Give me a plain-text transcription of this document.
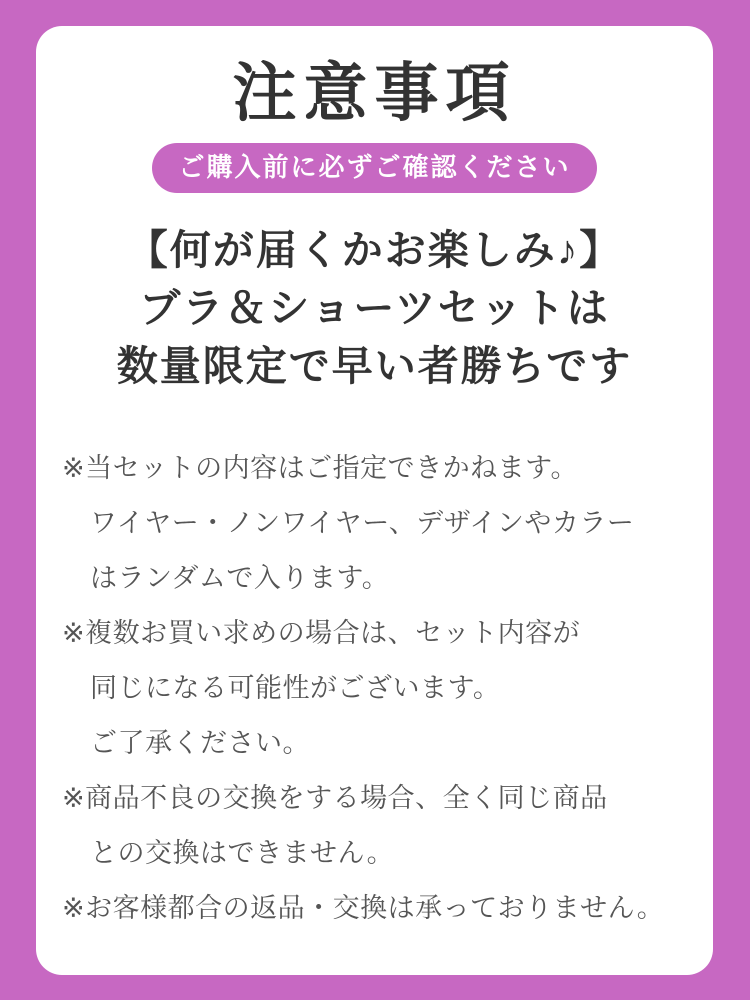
注意事項
ご購入前に必ずご確認ください
【何が届くかお楽しみ♪】
ブラ＆ショーツセットは
数量限定で早い者勝ちです
※当セットの内容はご指定できかねます。
ワイヤー・ノンワイヤー、デザインやカラー
はランダムで入ります。
※複数お買い求めの場合は、セット内容が
同じになる可能性がございます。
ご了承ください。
※商品不良の交換をする場合、全く同じ商品
との交換はできません。
※お客様都合の返品・交換は承っておりません。
